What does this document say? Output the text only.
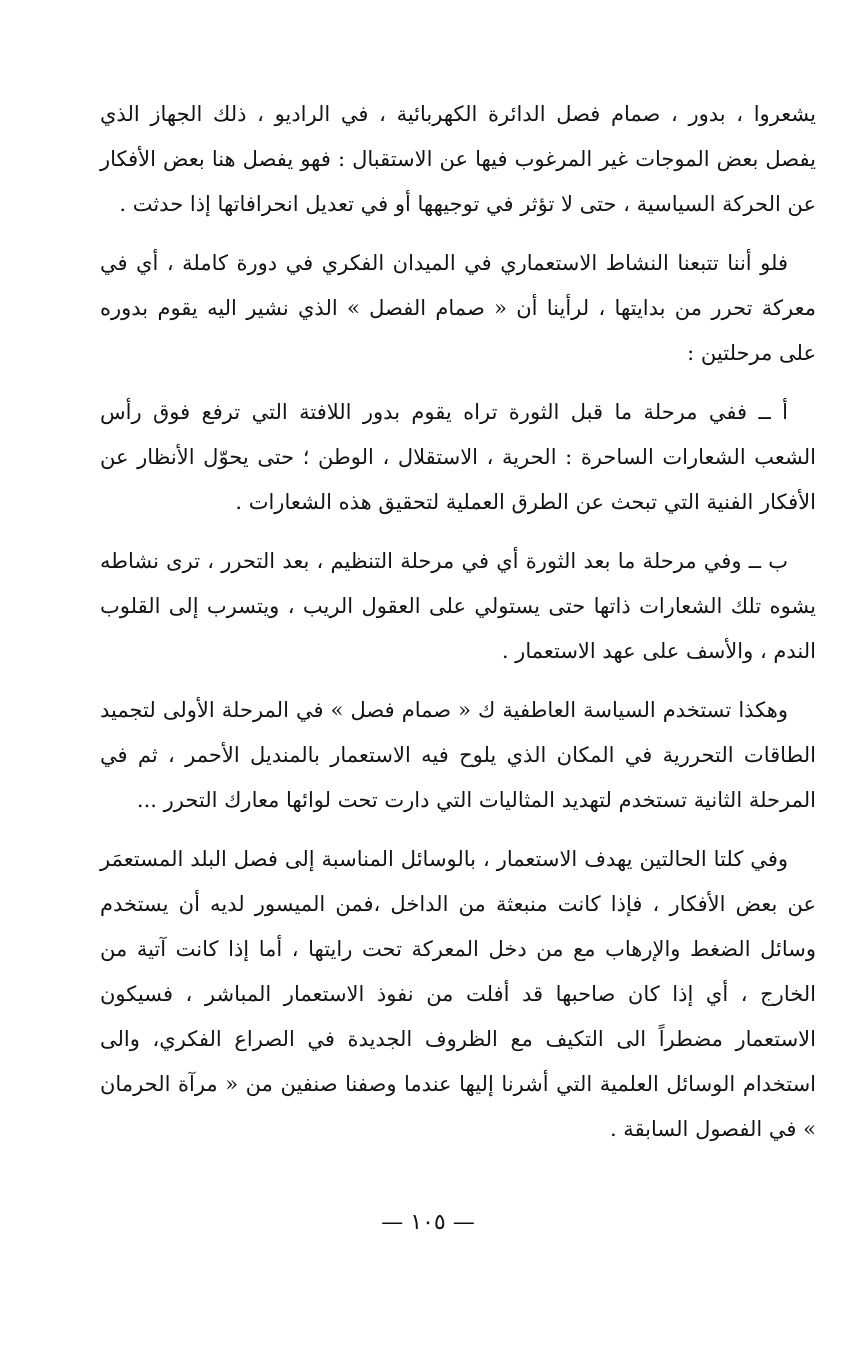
يشعروا ، بدور ، صمام فصل الدائرة الكهربائية ، في الراديو ، ذلك الجهاز الذي يفصل بعض الموجات غير المرغوب فيها عن الاستقبال : فهو يفصل هنا بعض الأفكار عن الحركة السياسية ، حتى لا تؤثر في توجيهها أو في تعديل انحرافاتها إذا حدثت .

فلو أننا تتبعنا النشاط الاستعماري في الميدان الفكري في دورة كاملة ، أي في معركة تحرر من بدايتها ، لرأينا أن « صمام الفصل » الذي نشير اليه يقوم بدوره على مرحلتين :

أ ــ ففي مرحلة ما قبل الثورة تراه يقوم بدور اللافتة التي ترفع فوق رأس الشعب الشعارات الساحرة : الحرية ، الاستقلال ، الوطن ؛ حتى يحوّل الأنظار عن الأفكار الفنية التي تبحث عن الطرق العملية لتحقيق هذه الشعارات .

ب ــ وفي مرحلة ما بعد الثورة أي في مرحلة التنظيم ، بعد التحرر ، ترى نشاطه يشوه تلك الشعارات ذاتها حتى يستولي على العقول الريب ، ويتسرب إلى القلوب الندم ، والأسف على عهد الاستعمار .

وهكذا تستخدم السياسة العاطفية ك « صمام فصل » في المرحلة الأولى لتجميد الطاقات التحررية في المكان الذي يلوح فيه الاستعمار بالمنديل الأحمر ، ثم في المرحلة الثانية تستخدم لتهديد المثاليات التي دارت تحت لوائها معارك التحرر ...

وفي كلتا الحالتين يهدف الاستعمار ، بالوسائل المناسبة إلى فصل البلد المستعمَر عن بعض الأفكار ، فإذا كانت منبعثة من الداخل ،فمن الميسور لديه أن يستخدم وسائل الضغط والإرهاب مع من دخل المعركة تحت رايتها ، أما إذا كانت آتية من الخارج ، أي إذا كان صاحبها قد أفلت من نفوذ الاستعمار المباشر ، فسيكون الاستعمار مضطراً الى التكيف مع الظروف الجديدة في الصراع الفكري، والى استخدام الوسائل العلمية التي أشرنا إليها عندما وصفنا صنفين من « مرآة الحرمان » في الفصول السابقة .

— ١٠٥ —
